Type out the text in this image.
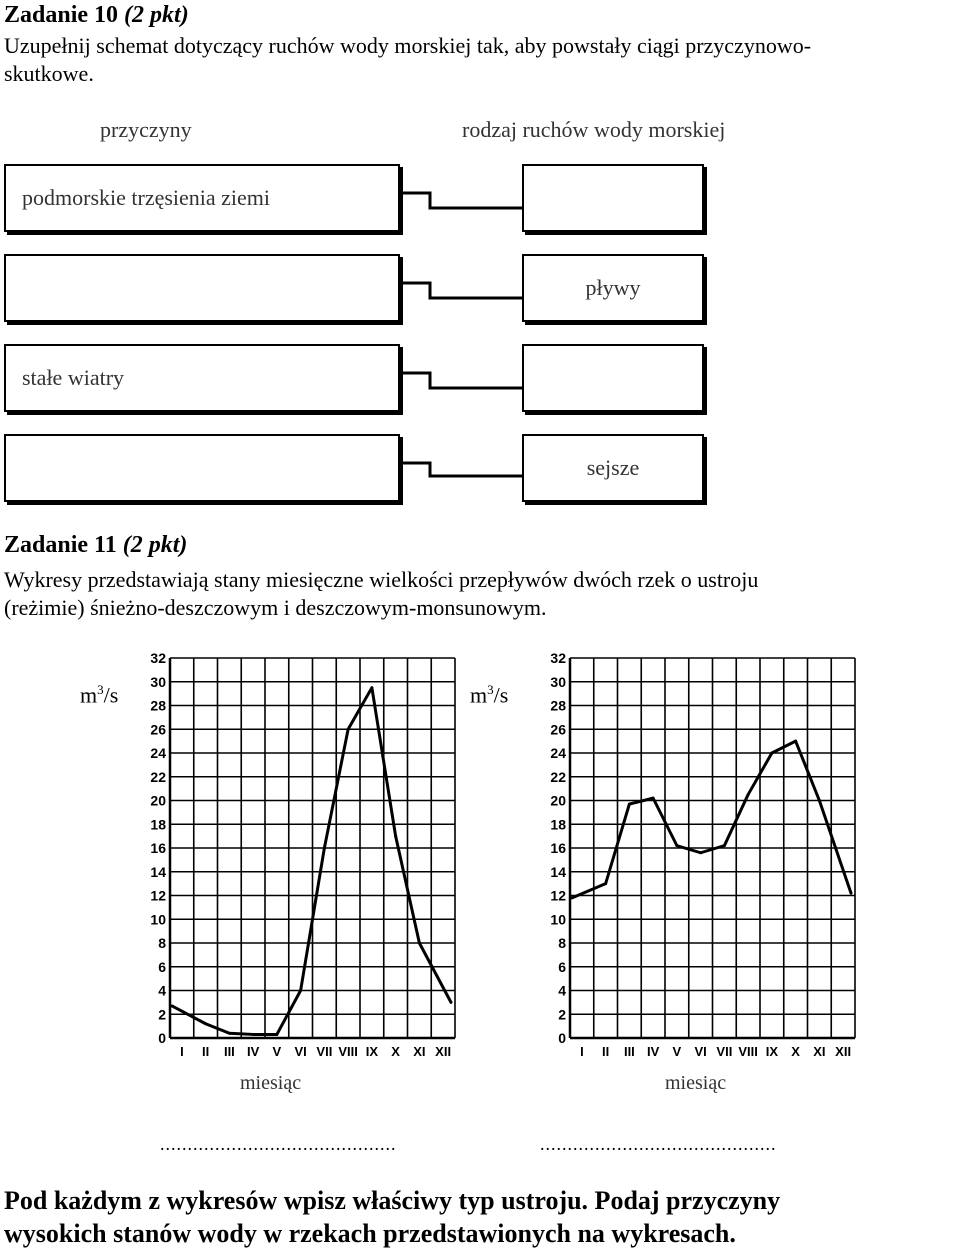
Zadanie 10 (2 pkt)
Uzupełnij schemat dotyczący ruchów wody morskiej tak, aby powstały ciągi przyczynowo-
skutkowe.
przyczyny	rodzaj ruchów wody morskiej
podmorskie trzęsienia ziemi
stałe wiatry
pływy
sejsze
Zadanie 11 (2 pkt)
Wykresy przedstawiają stany miesięczne wielkości przepływów dwóch rzek o ustroju
(reżimie) śnieżno-deszczowym i deszczowym-monsunowym.
$m^3/s$	$m^3/s$
0
2
4
6
8
10
12
14
16
18
20
22
24
26
28
30
32
I II III IV V VI VII VIII IX X XI XII
0
2
4
6
8
10
12
14
16
18
20
22
24
26
28
30
32
I II III IV V VI VII VIII IX X XI XII
miesiąc	miesiąc
...........................................	...........................................
Pod każdym z wykresów wpisz właściwy typ ustroju. Podaj przyczyny
wysokich stanów wody w rzekach przedstawionych na wykresach.
